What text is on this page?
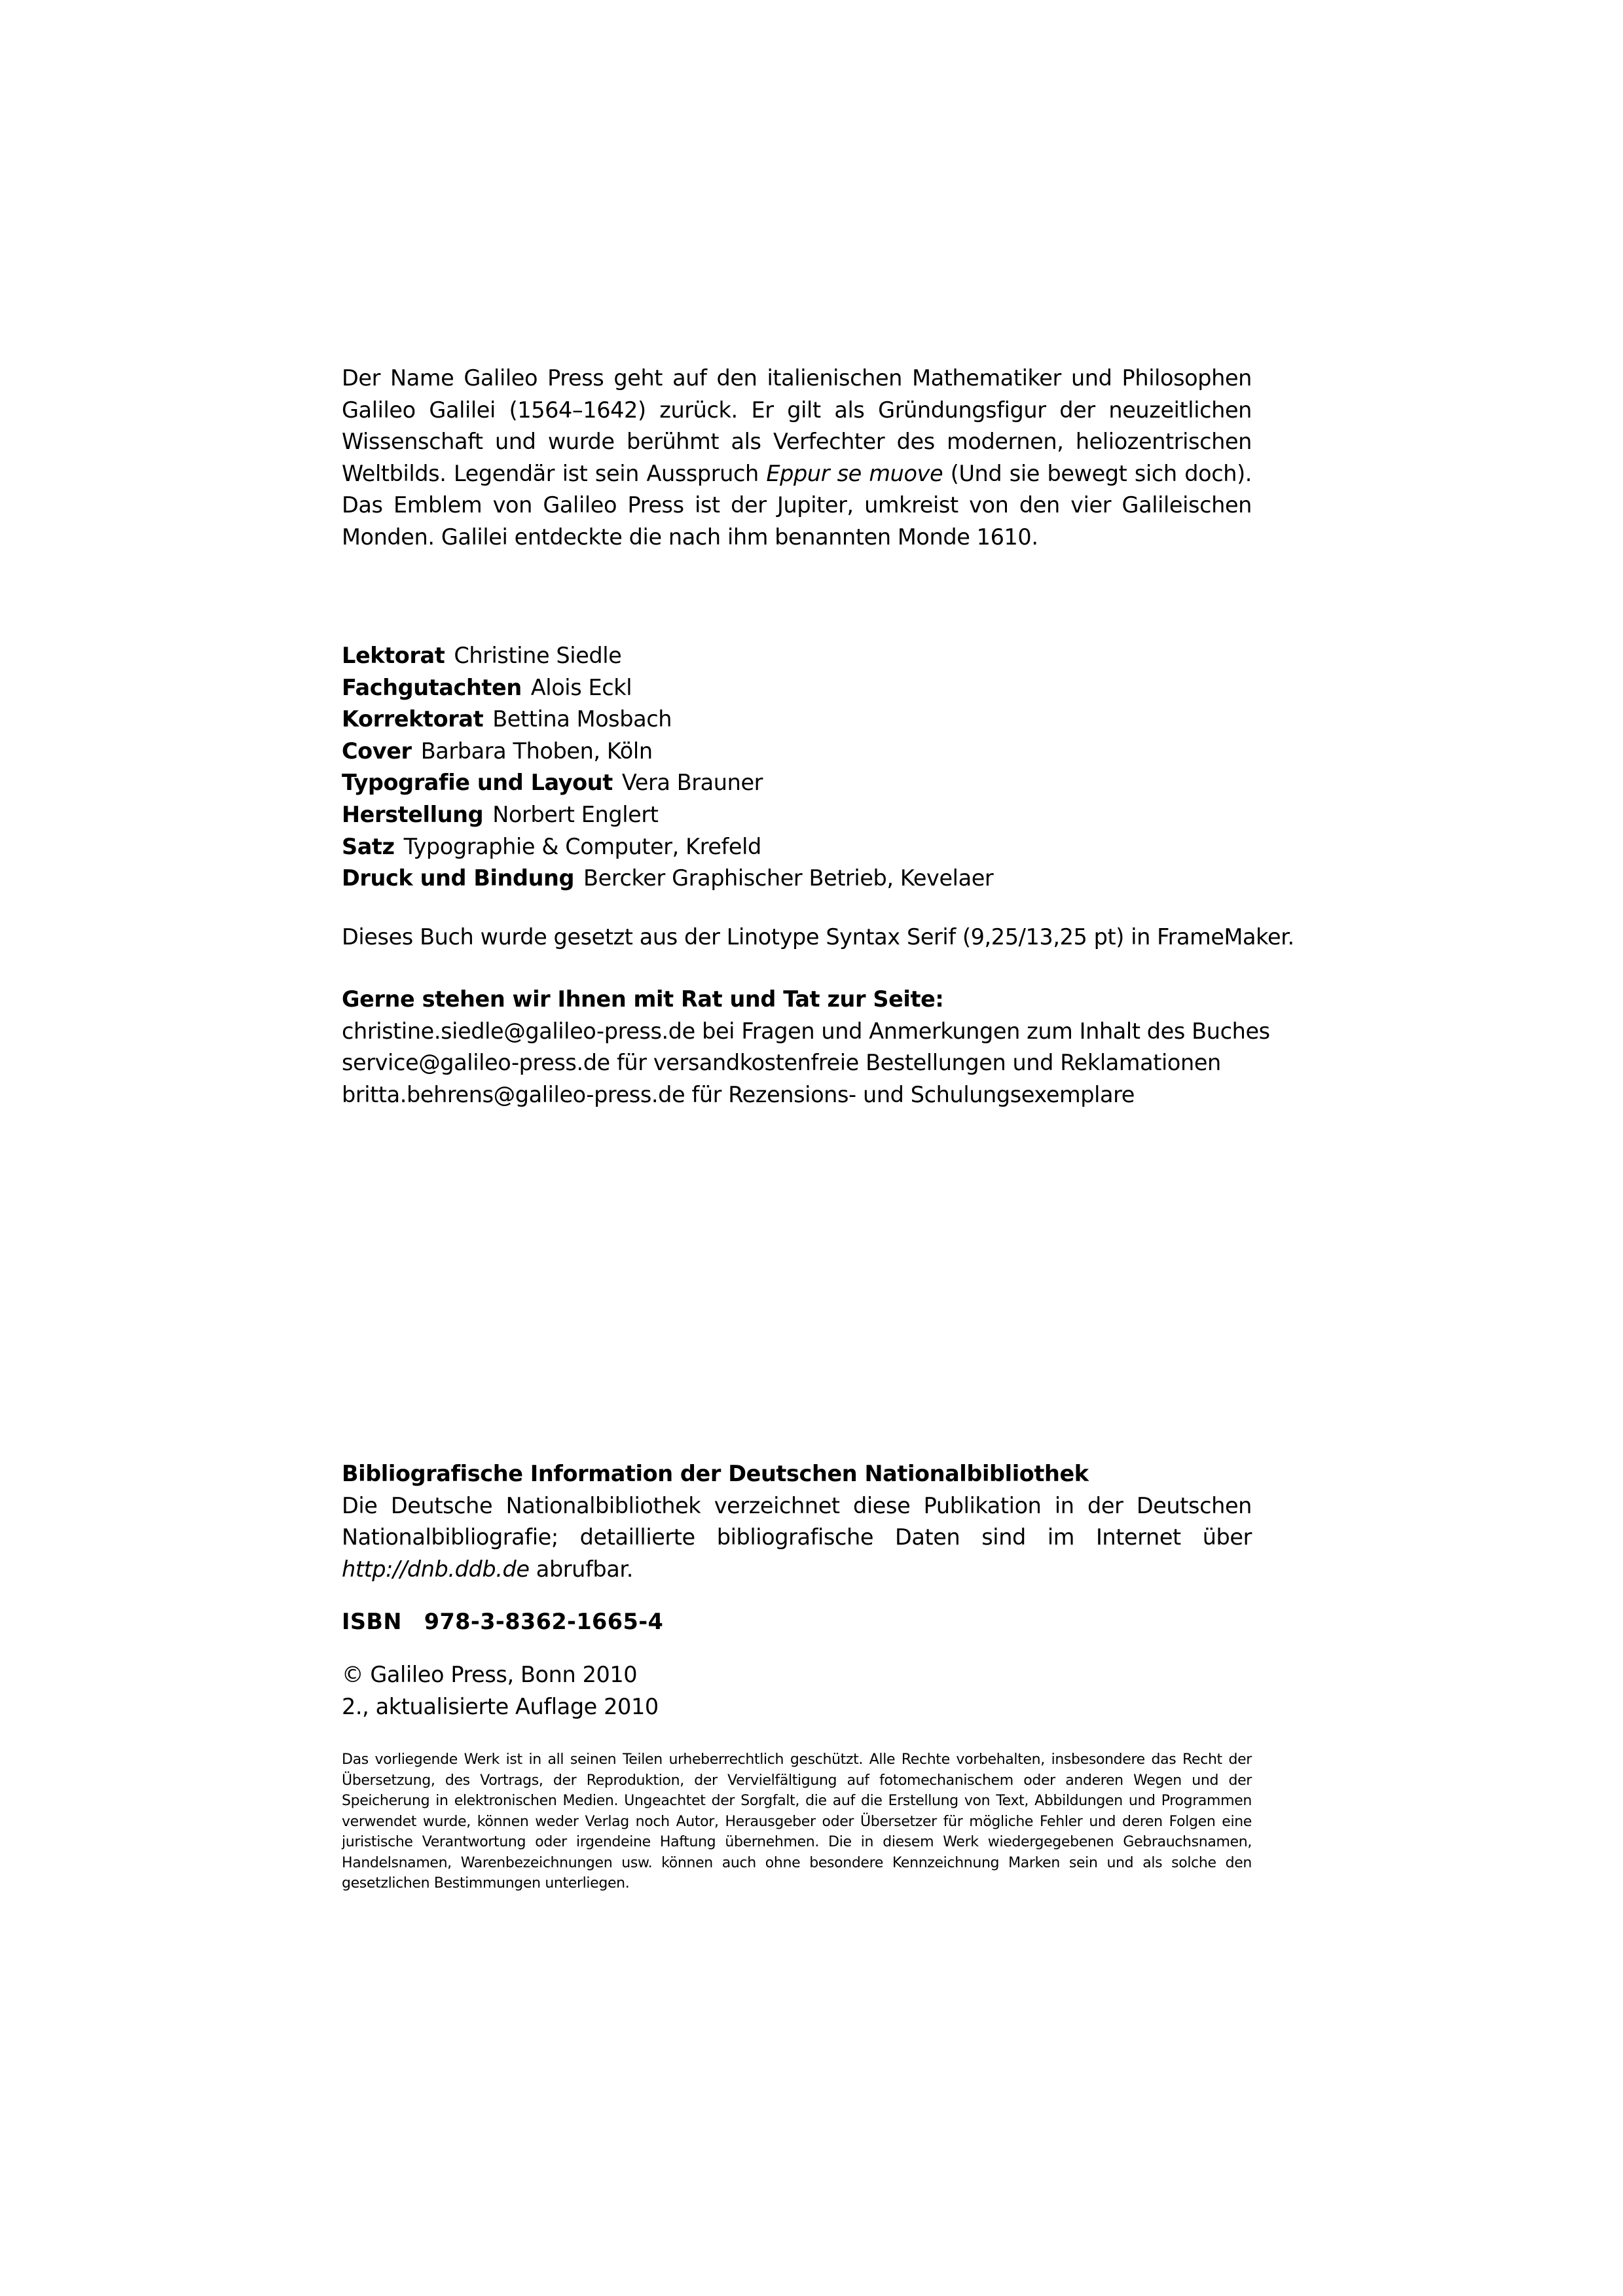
Der Name Galileo Press geht auf den italienischen Mathematiker und Philosophen Galileo Galilei (1564–1642) zurück. Er gilt als Gründungsfigur der neuzeitlichen Wissenschaft und wurde berühmt als Verfechter des modernen, heliozentrischen Weltbilds. Legendär ist sein Ausspruch Eppur se muove (Und sie bewegt sich doch). Das Emblem von Galileo Press ist der Jupiter, umkreist von den vier Galileischen Monden. Galilei entdeckte die nach ihm benannten Monde 1610.

Lektorat Christine Siedle
Fachgutachten Alois Eckl
Korrektorat Bettina Mosbach
Cover Barbara Thoben, Köln
Typografie und Layout Vera Brauner
Herstellung Norbert Englert
Satz Typographie & Computer, Krefeld
Druck und Bindung Bercker Graphischer Betrieb, Kevelaer
Dieses Buch wurde gesetzt aus der Linotype Syntax Serif (9,25/13,25 pt) in FrameMaker.
Gerne stehen wir Ihnen mit Rat und Tat zur Seite:
christine.siedle@galileo-press.de bei Fragen und Anmerkungen zum Inhalt des Buches
service@galileo-press.de für versandkostenfreie Bestellungen und Reklamationen
britta.behrens@galileo-press.de für Rezensions- und Schulungsexemplare
Bibliografische Information der Deutschen Nationalbibliothek
Die Deutsche Nationalbibliothek verzeichnet diese Publikation in der Deutschen Nationalbibliografie; detaillierte bibliografische Daten sind im Internet über http://dnb.ddb.de abrufbar.
ISBN 978-3-8362-1665-4
© Galileo Press, Bonn 2010
2., aktualisierte Auflage 2010
Das vorliegende Werk ist in all seinen Teilen urheberrechtlich geschützt. Alle Rechte vorbehalten, insbesondere das Recht der Übersetzung, des Vortrags, der Reproduktion, der Vervielfältigung auf fotomechanischem oder anderen Wegen und der Speicherung in elektronischen Medien. Ungeachtet der Sorgfalt, die auf die Erstellung von Text, Abbildungen und Programmen verwendet wurde, können weder Verlag noch Autor, Herausgeber oder Übersetzer für mögliche Fehler und deren Folgen eine juristische Verantwortung oder irgendeine Haftung übernehmen. Die in diesem Werk wiedergegebenen Gebrauchsnamen, Handelsnamen, Warenbezeichnungen usw. können auch ohne besondere Kennzeichnung Marken sein und als solche den gesetzlichen Bestimmungen unterliegen.
